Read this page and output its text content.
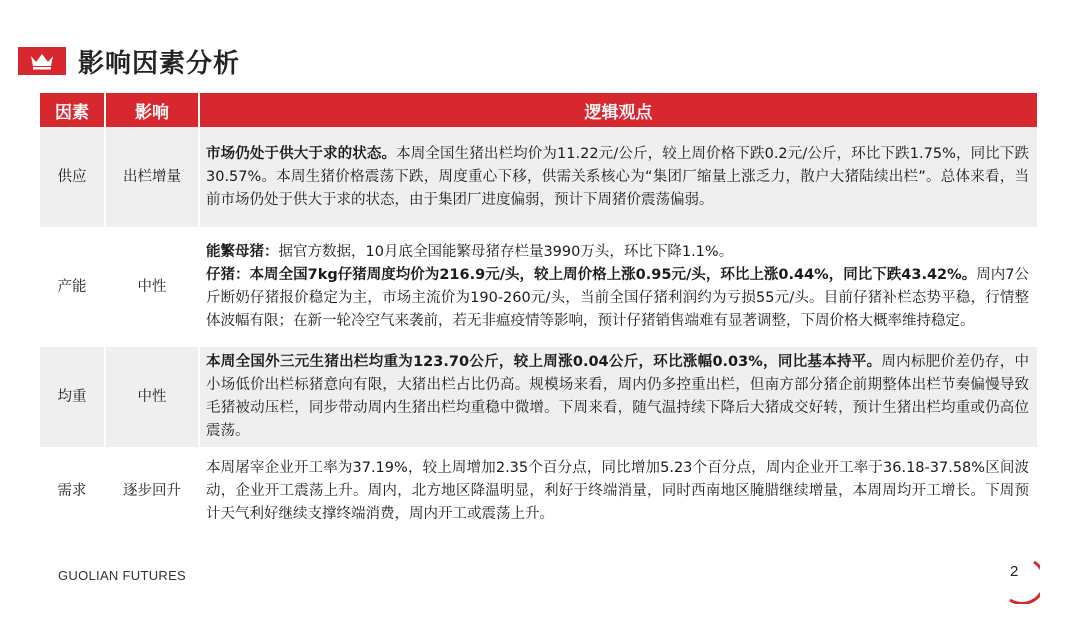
影响因素分析
因素	影响	逻辑观点
供应	出栏增量	市场仍处于供大于求的状态。本周全国生猪出栏均价为11.22元/公斤，较上周价格下跌0.2元/公斤，环比下跌1.75%，同比下跌30.57%。本周生猪价格震荡下跌，周度重心下移，供需关系核心为“集团厂缩量上涨乏力，散户大猪陆续出栏”。总体来看，当前市场仍处于供大于求的状态，由于集团厂进度偏弱，预计下周猪价震荡偏弱。
产能	中性	能繁母猪：据官方数据，10月底全国能繁母猪存栏量3990万头，环比下降1.1%。
仔猪：本周全国7kg仔猪周度均价为216.9元/头，较上周价格上涨0.95元/头，环比上涨0.44%，同比下跌43.42%。周内7公斤断奶仔猪报价稳定为主，市场主流价为190-260元/头，当前全国仔猪利润约为亏损55元/头。目前仔猪补栏态势平稳，行情整体波幅有限；在新一轮冷空气来袭前，若无非瘟疫情等影响，预计仔猪销售端难有显著调整，下周价格大概率维持稳定。

均重	中性	本周全国外三元生猪出栏均重为123.70公斤，较上周涨0.04公斤，环比涨幅0.03%，同比基本持平。周内标肥价差仍存，中小场低价出栏标猪意向有限，大猪出栏占比仍高。规模场来看，周内仍多控重出栏，但南方部分猪企前期整体出栏节奏偏慢导致毛猪被动压栏，同步带动周内生猪出栏均重稳中微增。下周来看，随气温持续下降后大猪成交好转，预计生猪出栏均重或仍高位震荡。
需求	逐步回升	本周屠宰企业开工率为37.19%，较上周增加2.35个百分点，同比增加5.23个百分点，周内企业开工率于36.18-37.58%区间波动，企业开工震荡上升。周内，北方地区降温明显，利好于终端消量，同时西南地区腌腊继续增量，本周周均开工增长。下周预计天气利好继续支撑终端消费，周内开工或震荡上升。
GUOLIAN FUTURES	2
